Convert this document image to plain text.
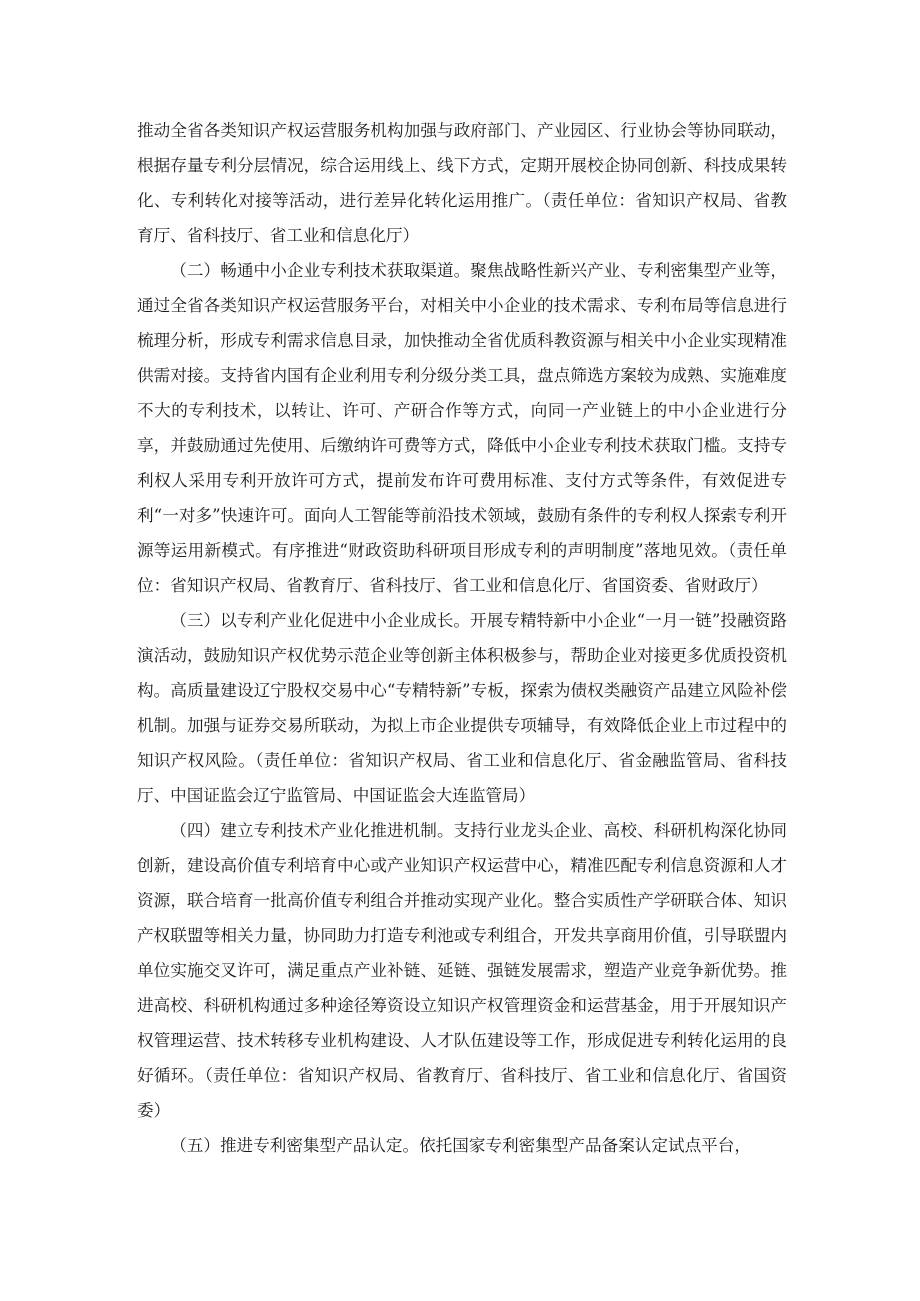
推动全省各类知识产权运营服务机构加强与政府部门、产业园区、行业协会等协同联动，根据存量专利分层情况，综合运用线上、线下方式，定期开展校企协同创新、科技成果转化、专利转化对接等活动，进行差异化转化运用推广。（责任单位：省知识产权局、省教育厅、省科技厅、省工业和信息化厅）

（二）畅通中小企业专利技术获取渠道。聚焦战略性新兴产业、专利密集型产业等，通过全省各类知识产权运营服务平台，对相关中小企业的技术需求、专利布局等信息进行梳理分析，形成专利需求信息目录，加快推动全省优质科教资源与相关中小企业实现精准供需对接。支持省内国有企业利用专利分级分类工具，盘点筛选方案较为成熟、实施难度不大的专利技术，以转让、许可、产研合作等方式，向同一产业链上的中小企业进行分享，并鼓励通过先使用、后缴纳许可费等方式，降低中小企业专利技术获取门槛。支持专利权人采用专利开放许可方式，提前发布许可费用标准、支付方式等条件，有效促进专利“一对多”快速许可。面向人工智能等前沿技术领域，鼓励有条件的专利权人探索专利开源等运用新模式。有序推进“财政资助科研项目形成专利的声明制度”落地见效。（责任单位：省知识产权局、省教育厅、省科技厅、省工业和信息化厅、省国资委、省财政厅）

（三）以专利产业化促进中小企业成长。开展专精特新中小企业“一月一链”投融资路演活动，鼓励知识产权优势示范企业等创新主体积极参与，帮助企业对接更多优质投资机构。高质量建设辽宁股权交易中心“专精特新”专板，探索为债权类融资产品建立风险补偿机制。加强与证券交易所联动，为拟上市企业提供专项辅导，有效降低企业上市过程中的知识产权风险。（责任单位：省知识产权局、省工业和信息化厅、省金融监管局、省科技厅、中国证监会辽宁监管局、中国证监会大连监管局）

（四）建立专利技术产业化推进机制。支持行业龙头企业、高校、科研机构深化协同创新，建设高价值专利培育中心或产业知识产权运营中心，精准匹配专利信息资源和人才资源，联合培育一批高价值专利组合并推动实现产业化。整合实质性产学研联合体、知识产权联盟等相关力量，协同助力打造专利池或专利组合，开发共享商用价值，引导联盟内单位实施交叉许可，满足重点产业补链、延链、强链发展需求，塑造产业竞争新优势。推进高校、科研机构通过多种途径筹资设立知识产权管理资金和运营基金，用于开展知识产权管理运营、技术转移专业机构建设、人才队伍建设等工作，形成促进专利转化运用的良好循环。（责任单位：省知识产权局、省教育厅、省科技厅、省工业和信息化厅、省国资委）

（五）推进专利密集型产品认定。依托国家专利密集型产品备案认定试点平台，
